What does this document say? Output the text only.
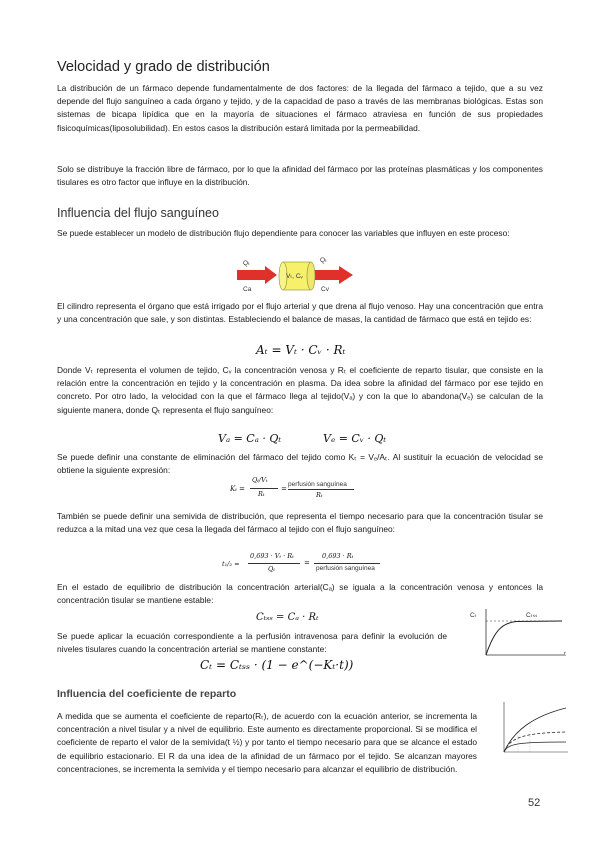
Velocidad y grado de distribución

La distribución de un fármaco depende fundamentalmente de dos factores: de la llegada del fármaco a tejido, que a su vez depende del flujo sanguíneo a cada órgano y tejido, y de la capacidad de paso a través de las membranas biológicas. Estas son sistemas de bicapa lipídica que en la mayoría de situaciones el fármaco atraviesa en función de sus propiedades fisicoquímicas(liposolubilidad). En estos casos la distribución estará limitada por la permeabilidad.

Solo se distribuye la fracción libre de fármaco, por lo que la afinidad del fármaco por las proteínas plasmáticas y los componentes tisulares es otro factor que influye en la distribución.

Influencia del flujo sanguíneo

Se puede establecer un modelo de distribución flujo dependiente para conocer las variables que influyen en este proceso:

Qₜ	Qₜ
Ca	Cv
Vₜ, Cᵥ

El cilindro representa el órgano que está irrigado por el flujo arterial y que drena al flujo venoso. Hay una concentración que entra y una concentración que sale, y son distintas. Estableciendo el balance de masas, la cantidad de fármaco que está en tejido es:

Aₜ = Vₜ · Cᵥ · Rₜ

Donde Vₜ representa el volumen de tejido, Cᵥ la concentración venosa y Rₜ el coeficiente de reparto tisular, que consiste en la relación entre la concentración en tejido y la concentración en plasma. Da idea sobre la afinidad del fármaco por ese tejido en concreto. Por otro lado, la velocidad con la que el fármaco llega al tejido(Vₐ) y con la que lo abandona(Vₑ) se calculan de la siguiente manera, donde Qₜ representa el flujo sanguíneo:

Vₐ = Cₐ · Qₜ	Vₑ = Cᵥ · Qₜ

Se puede definir una constante de eliminación del fármaco del tejido como Kₜ = Vₑ/Aₜ. Al sustituir la ecuación de velocidad se obtiene la siguiente expresión:

Kₜ =
Qₜ/Vₜ
Rₜ
=
perfusión sanguínea
Rₜ

También se puede definir una semivida de distribución, que representa el tiempo necesario para que la concentración tisular se reduzca a la mitad una vez que cesa la llegada del fármaco al tejido con el flujo sanguíneo:

t₁/₂ =
0,693 · Vₜ · Rₜ
Qₜ
=
0,693 · Rₜ
perfusión sanguínea

En el estado de equilibrio de distribución la concentración arterial(Cₐ) se iguala a la concentración venosa y entonces la concentración tisular se mantiene estable:

Cₜₛₛ = Cₐ · Rₜ

Se puede aplicar la ecuación correspondiente a la perfusión intravenosa para definir la evolución de niveles tisulares cuando la concentración arterial se mantiene constante:

Cₜ = Cₜₛₛ · (1 − e^(−Kₜ·t))
Cₜ	Cₜₛₛ
t
Influencia del coeficiente de reparto

A medida que se aumenta el coeficiente de reparto(Rₜ), de acuerdo con la ecuación anterior, se incrementa la concentración a nivel tisular y a nivel de equilibrio. Este aumento es directamente proporcional. Si se modifica el coeficiente de reparto el valor de la semivida(t ½) y por tanto el tiempo necesario para que se alcance el estado de equilibrio estacionario. El R da una idea de la afinidad de un fármaco por el tejido. Se alcanzan mayores concentraciones, se incrementa la semivida y el tiempo necesario para alcanzar el equilibrio de distribución.

52
